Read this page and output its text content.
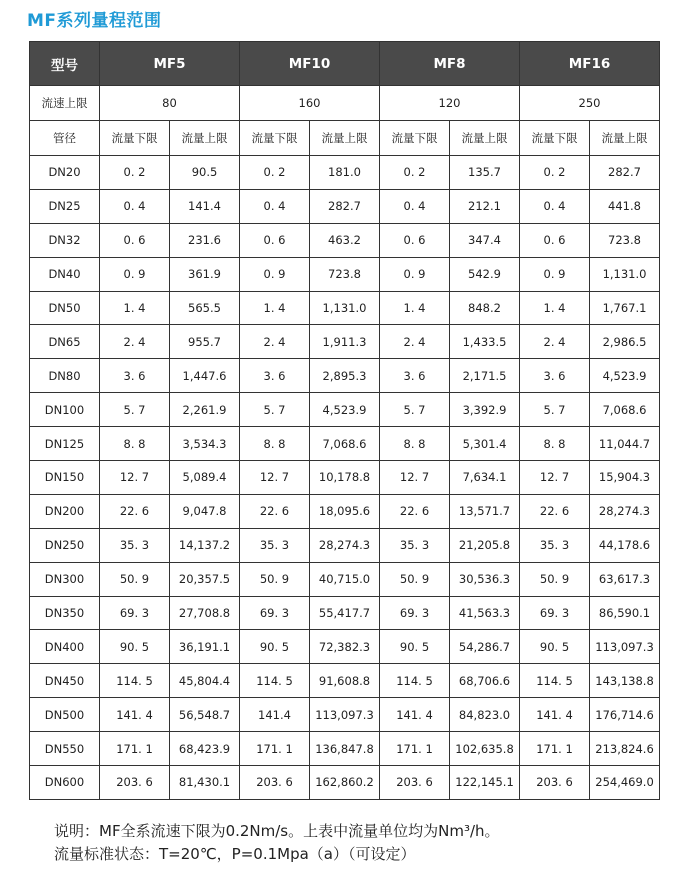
MF系列量程范围
型号	MF5		MF10		MF8		MF16	
流速上限	80		160		120		250	
管径	流量下限	流量上限	流量下限	流量上限	流量下限	流量上限	流量下限	流量上限
DN20	0. 2	90.5	0. 2	181.0	0. 2	135.7	0. 2	282.7
DN25	0. 4	141.4	0. 4	282.7	0. 4	212.1	0. 4	441.8
DN32	0. 6	231.6	0. 6	463.2	0. 6	347.4	0. 6	723.8
DN40	0. 9	361.9	0. 9	723.8	0. 9	542.9	0. 9	1,131.0
DN50	1. 4	565.5	1. 4	1,131.0	1. 4	848.2	1. 4	1,767.1
DN65	2. 4	955.7	2. 4	1,911.3	2. 4	1,433.5	2. 4	2,986.5
DN80	3. 6	1,447.6	3. 6	2,895.3	3. 6	2,171.5	3. 6	4,523.9
DN100	5. 7	2,261.9	5. 7	4,523.9	5. 7	3,392.9	5. 7	7,068.6
DN125	8. 8	3,534.3	8. 8	7,068.6	8. 8	5,301.4	8. 8	11,044.7
DN150	12. 7	5,089.4	12. 7	10,178.8	12. 7	7,634.1	12. 7	15,904.3
DN200	22. 6	9,047.8	22. 6	18,095.6	22. 6	13,571.7	22. 6	28,274.3
DN250	35. 3	14,137.2	35. 3	28,274.3	35. 3	21,205.8	35. 3	44,178.6
DN300	50. 9	20,357.5	50. 9	40,715.0	50. 9	30,536.3	50. 9	63,617.3
DN350	69. 3	27,708.8	69. 3	55,417.7	69. 3	41,563.3	69. 3	86,590.1
DN400	90. 5	36,191.1	90. 5	72,382.3	90. 5	54,286.7	90. 5	113,097.3
DN450	114. 5	45,804.4	114. 5	91,608.8	114. 5	68,706.6	114. 5	143,138.8
DN500	141. 4	56,548.7	141.4	113,097.3	141. 4	84,823.0	141. 4	176,714.6
DN550	171. 1	68,423.9	171. 1	136,847.8	171. 1	102,635.8	171. 1	213,824.6
DN600	203. 6	81,430.1	203. 6	162,860.2	203. 6	122,145.1	203. 6	254,469.0
说明：MF全系流速下限为0.2Nm/s。上表中流量单位均为Nm³/h。
流量标准状态：T=20℃，P=0.1Mpa（a）（可设定）
